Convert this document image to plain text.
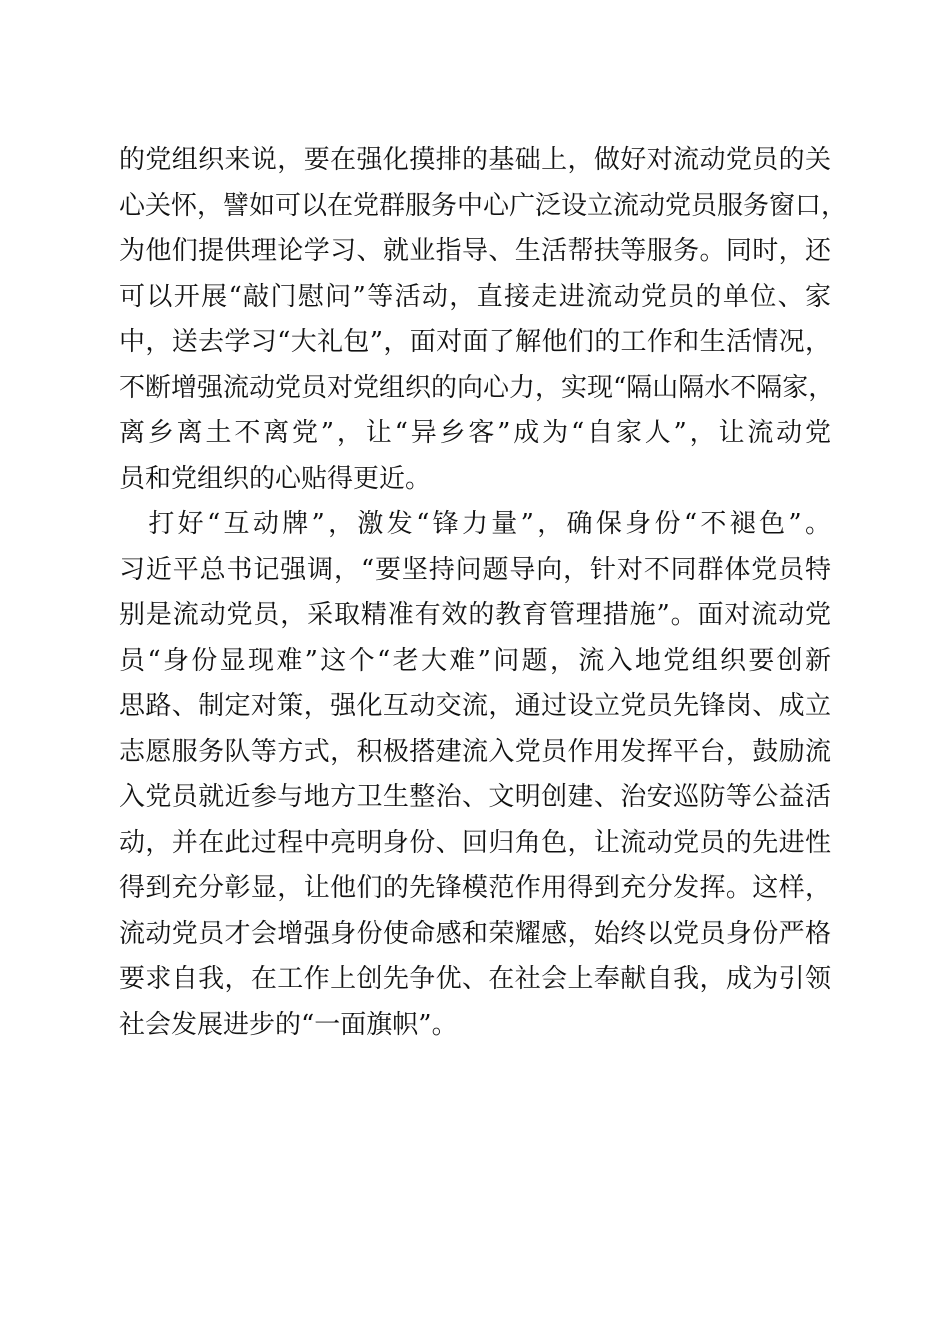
的党组织来说，要在强化摸排的基础上，做好对流动党员的关
心关怀，譬如可以在党群服务中心广泛设立流动党员服务窗口，
为他们提供理论学习、就业指导、生活帮扶等服务。同时，还
可以开展“敲门慰问”等活动，直接走进流动党员的单位、家
中，送去学习“大礼包”，面对面了解他们的工作和生活情况，
不断增强流动党员对党组织的向心力，实现“隔山隔水不隔家，
离乡离土不离党”，让“异乡客”成为“自家人”，让流动党
员和党组织的心贴得更近。
　打好“互动牌”，激发“锋力量”，确保身份“不褪色”。
习近平总书记强调，“要坚持问题导向，针对不同群体党员特
别是流动党员，采取精准有效的教育管理措施”。面对流动党
员“身份显现难”这个“老大难”问题，流入地党组织要创新
思路、制定对策，强化互动交流，通过设立党员先锋岗、成立
志愿服务队等方式，积极搭建流入党员作用发挥平台，鼓励流
入党员就近参与地方卫生整治、文明创建、治安巡防等公益活
动，并在此过程中亮明身份、回归角色，让流动党员的先进性
得到充分彰显，让他们的先锋模范作用得到充分发挥。这样，
流动党员才会增强身份使命感和荣耀感，始终以党员身份严格
要求自我，在工作上创先争优、在社会上奉献自我，成为引领
社会发展进步的“一面旗帜”。
